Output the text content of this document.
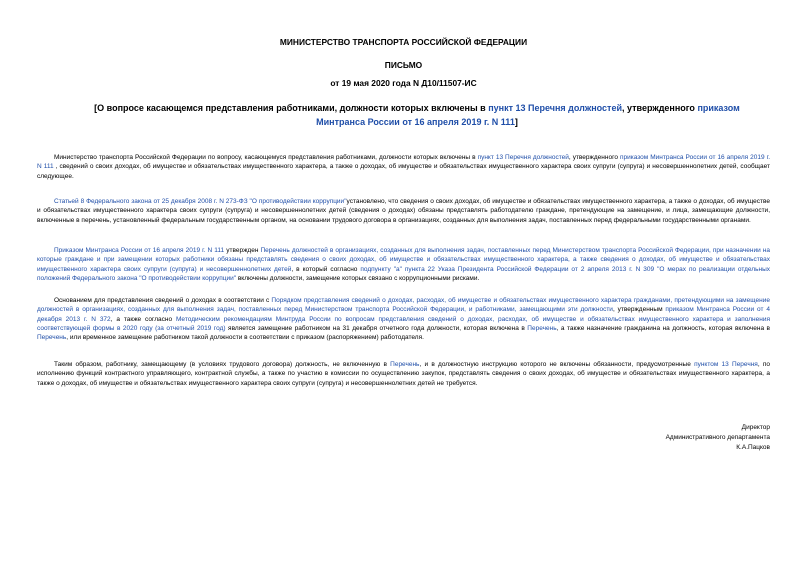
МИНИСТЕРСТВО ТРАНСПОРТА РОССИЙСКОЙ ФЕДЕРАЦИИ
ПИСЬМО
от 19 мая 2020 года N Д10/11507-ИС
[О вопросе касающемся представления работниками, должности которых включены в пункт 13 Перечня должностей, утвержденного приказом Минтранса России от 16 апреля 2019 г. N 111]
Министерство транспорта Российской Федерации по вопросу, касающемуся представления работниками, должности которых включены в пункт 13 Перечня должностей, утвержденного приказом Минтранса России от 16 апреля 2019 г. N 111 , сведений о своих доходах, об имуществе и обязательствах имущественного характера, а также о доходах, об имуществе и обязательствах имущественного характера своих супруги (супруга) и несовершеннолетних детей, сообщает следующее.
Статьей 8 Федерального закона от 25 декабря 2008 г. N 273-ФЗ "О противодействии коррупции"установлено, что сведения о своих доходах, об имуществе и обязательствах имущественного характера, а также о доходах, об имуществе и обязательствах имущественного характера своих супруги (супруга) и несовершеннолетних детей (сведения о доходах) обязаны представлять работодателю граждане, претендующие на замещение, и лица, замещающие должности, включенные в перечень, установленный федеральным государственным органом, на основании трудового договора в организациях, созданных для выполнения задач, поставленных перед федеральными государственными органами.
Приказом Минтранса России от 16 апреля 2019 г. N 111 утвержден Перечень должностей в организациях, созданных для выполнения задач, поставленных перед Министерством транспорта Российской Федерации, при назначении на которые граждане и при замещении которых работники обязаны представлять сведения о своих доходах, об имуществе и обязательствах имущественного характера, а также сведения о доходах, об имуществе и обязательствах имущественного характера своих супруги (супруга) и несовершеннолетних детей, в который согласно подпункту "а" пункта 22 Указа Президента Российской Федерации от 2 апреля 2013 г. N 309 "О мерах по реализации отдельных положений Федерального закона "О противодействии коррупции" включены должности, замещение которых связано с коррупционными рисками.
Основанием для представления сведений о доходах в соответствии с Порядком представления сведений о доходах, расходах, об имуществе и обязательствах имущественного характера гражданами, претендующими на замещение должностей в организациях, созданных для выполнения задач, поставленных перед Министерством транспорта Российской Федерации, и работниками, замещающими эти должности, утвержденным приказом Минтранса России от 4 декабря 2013 г. N 372, а также согласно Методическим рекомендациям Минтруда России по вопросам представления сведений о доходах, расходах, об имуществе и обязательствах имущественного характера и заполнения соответствующей формы в 2020 году (за отчетный 2019 год) является замещение работником на 31 декабря отчетного года должности, которая включена в Перечень, а также назначение гражданина на должность, которая включена в Перечень, или временное замещение работником такой должности в соответствии с приказом (распоряжением) работодателя.
Таким образом, работнику, замещающему (в условиях трудового договора) должность, не включенную в Перечень, и в должностную инструкцию которого не включены обязанности, предусмотренные пунктом 13 Перечня, по исполнению функций контрактного управляющего, контрактной службы, а также по участию в комиссии по осуществлению закупок, представлять сведения о своих доходах, об имуществе и обязательствах имущественного характера, а также о доходах, об имуществе и обязательствах имущественного характера своих супруги (супруга) и несовершеннолетних детей не требуется.
Директор
Административного департамента
К.А.Пацков
